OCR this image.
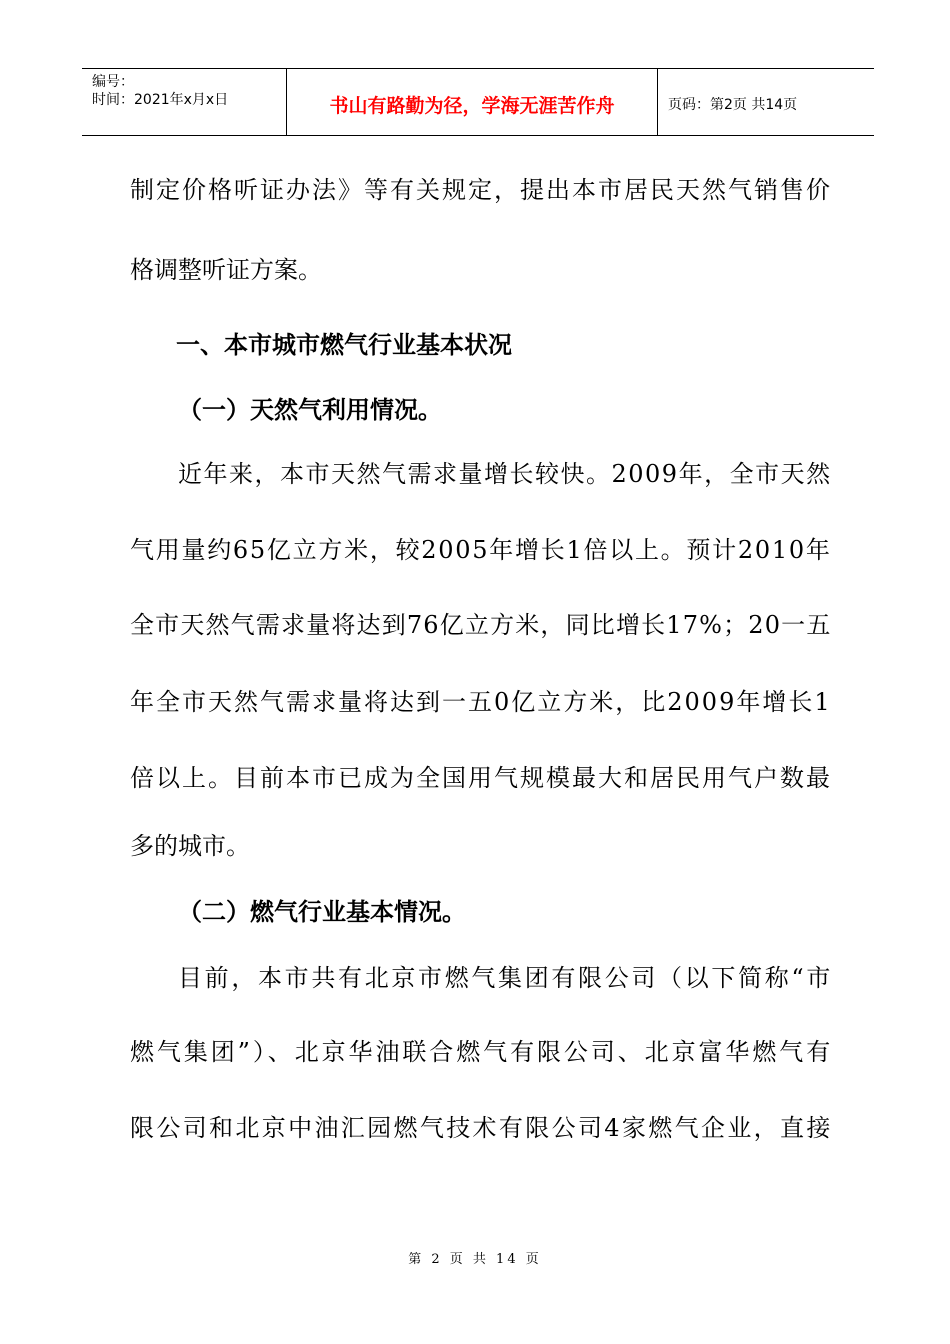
编号：
时间：2021年x月x日	书山有路勤为径，学海无涯苦作舟	页码：第2页 共14页
制定价格听证办法》等有关规定，提出本市居民天然气销售价
格调整听证方案。
一、本市城市燃气行业基本状况
（一）天然气利用情况。
近年来，本市天然气需求量增长较快。2009年，全市天然
气用量约65亿立方米，较2005年增长1倍以上。预计2010年
全市天然气需求量将达到76亿立方米，同比增长17%；20一五
年全市天然气需求量将达到一五0亿立方米，比2009年增长1
倍以上。目前本市已成为全国用气规模最大和居民用气户数最
多的城市。
（二）燃气行业基本情况。
目前，本市共有北京市燃气集团有限公司（以下简称“市
燃气集团”）、北京华油联合燃气有限公司、北京富华燃气有
限公司和北京中油汇园燃气技术有限公司4家燃气企业，直接
第 2 页 共 14 页
